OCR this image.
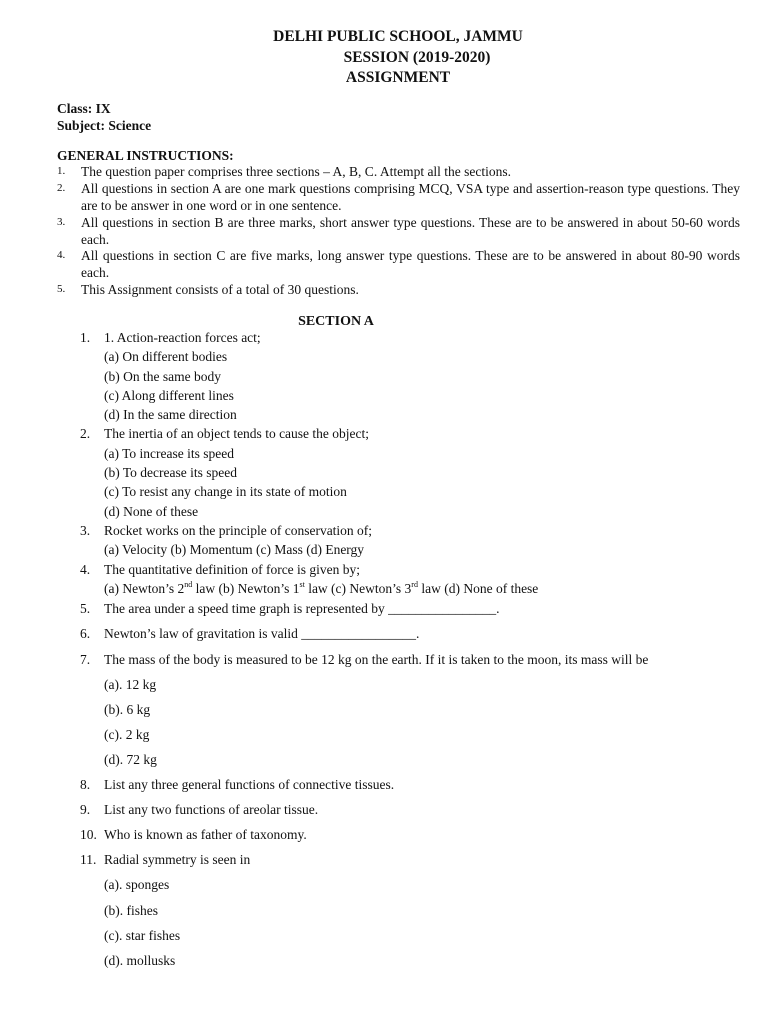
DELHI PUBLIC SCHOOL, JAMMU
SESSION (2019-2020)
ASSIGNMENT
Class: IX
Subject: Science
GENERAL INSTRUCTIONS:
1. The question paper comprises three sections – A, B, C. Attempt all the sections.
2. All questions in section A are one mark questions comprising MCQ, VSA type and assertion-reason type questions. They are to be answer in one word or in one sentence.
3. All questions in section B are three marks, short answer type questions. These are to be answered in about 50-60 words each.
4. All questions in section C are five marks, long answer type questions. These are to be answered in about 80-90 words each.
5. This Assignment consists of a total of 30 questions.
SECTION A
1. 1. Action-reaction forces act;
(a) On different bodies
(b) On the same body
(c) Along different lines
(d) In the same direction
2. The inertia of an object tends to cause the object;
(a) To increase its speed
(b) To decrease its speed
(c) To resist any change in its state of motion
(d) None of these
3. Rocket works on the principle of conservation of;
(a) Velocity (b) Momentum (c) Mass (d) Energy
4. The quantitative definition of force is given by;
(a) Newton’s 2nd law (b) Newton’s 1st law (c) Newton’s 3rd law (d) None of these
5. The area under a speed time graph is represented by ________________.
6. Newton’s law of gravitation is valid _________________.
7. The mass of the body is measured to be 12 kg on the earth. If it is taken to the moon, its mass will be
(a). 12 kg
(b). 6 kg
(c). 2 kg
(d). 72 kg
8. List any three general functions of connective tissues.
9. List any two functions of areolar tissue.
10. Who is known as father of taxonomy.
11. Radial symmetry is seen in
(a). sponges
(b). fishes
(c). star fishes
(d). mollusks
